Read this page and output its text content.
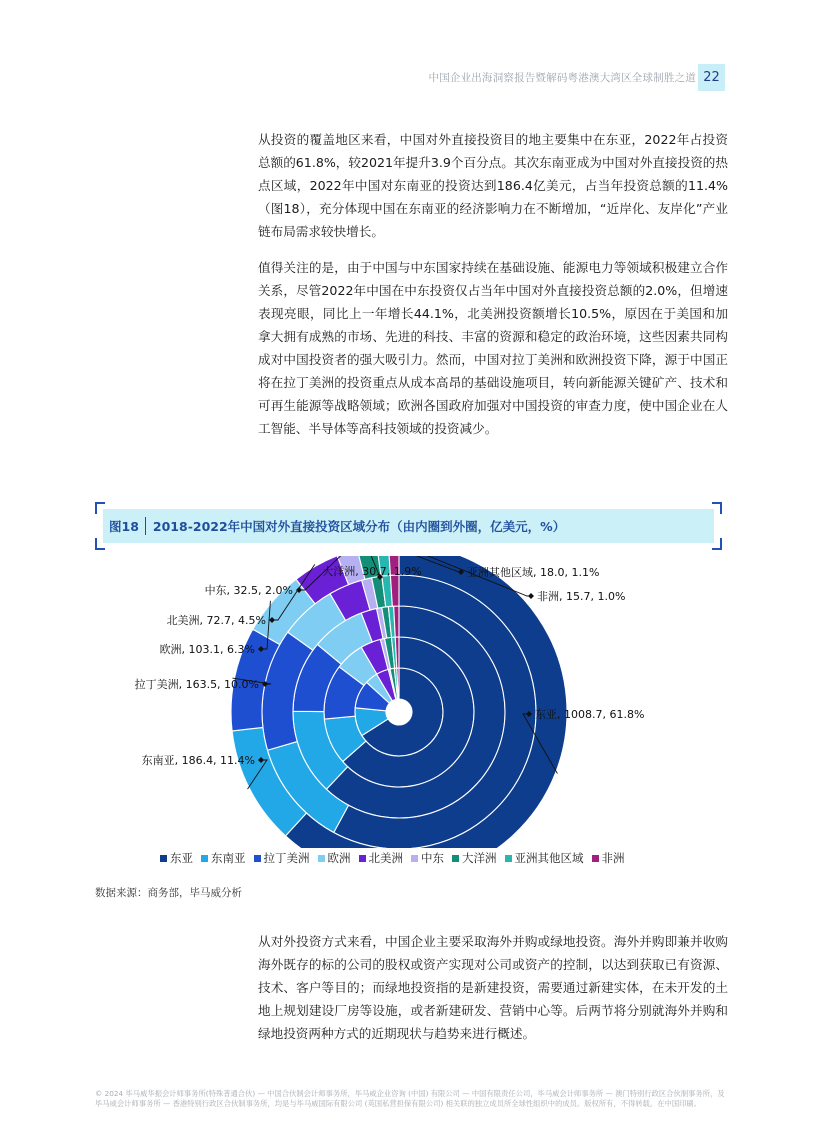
中国企业出海洞察报告暨解码粤港澳大湾区全球制胜之道 22

从投资的覆盖地区来看，中国对外直接投资目的地主要集中在东亚，2022年占投资总额的61.8%，较2021年提升3.9个百分点。其次东南亚成为中国对外直接投资的热点区域，2022年中国对东南亚的投资达到186.4亿美元，占当年投资总额的11.4%（图18），充分体现中国在东南亚的经济影响力在不断增加，“近岸化、友岸化”产业链布局需求较快增长。

值得关注的是，由于中国与中东国家持续在基础设施、能源电力等领域积极建立合作关系，尽管2022年中国在中东投资仅占当年中国对外直接投资总额的2.0%，但增速表现亮眼，同比上一年增长44.1%，北美洲投资额增长10.5%，原因在于美国和加拿大拥有成熟的市场、先进的科技、丰富的资源和稳定的政治环境，这些因素共同构成对中国投资者的强大吸引力。然而，中国对拉丁美洲和欧洲投资下降，源于中国正将在拉丁美洲的投资重点从成本高昂的基础设施项目，转向新能源关键矿产、技术和可再生能源等战略领域；欧洲各国政府加强对中国投资的审查力度，使中国企业在人工智能、半导体等高科技领域的投资减少。

图18 2018-2022年中国对外直接投资区域分布（由内圈到外圈，亿美元，%）
东亚, 1008.7, 61.8%
东南亚, 186.4, 11.4%
拉丁美洲, 163.5, 10.0%
欧洲, 103.1, 6.3%
北美洲, 72.7, 4.5%
中东, 32.5, 2.0%
大洋洲, 30.7, 1.9%	亚洲其他区域, 18.0, 1.1%
非洲, 15.7, 1.0%
东亚 东南亚 拉丁美洲 欧洲 北美洲 中东 大洋洲 亚洲其他区域 非洲
数据来源：商务部，毕马威分析

从对外投资方式来看，中国企业主要采取海外并购或绿地投资。海外并购即兼并收购海外既存的标的公司的股权或资产实现对公司或资产的控制，以达到获取已有资源、技术、客户等目的；而绿地投资指的是新建投资，需要通过新建实体，在未开发的土地上规划建设厂房等设施，或者新建研发、营销中心等。后两节将分别就海外并购和绿地投资两种方式的近期现状与趋势来进行概述。

© 2024 毕马威华振会计师事务所(特殊普通合伙) — 中国合伙制会计师事务所，毕马威企业咨询 (中国) 有限公司 — 中国有限责任公司，毕马威会计师事务所 — 澳门特别行政区合伙制事务所，及毕马威会计师事务所 — 香港特别行政区合伙制事务所，均是与毕马威国际有限公司 (英国私营担保有限公司) 相关联的独立成员所全球性组织中的成员。版权所有，不得转载。在中国印刷。
